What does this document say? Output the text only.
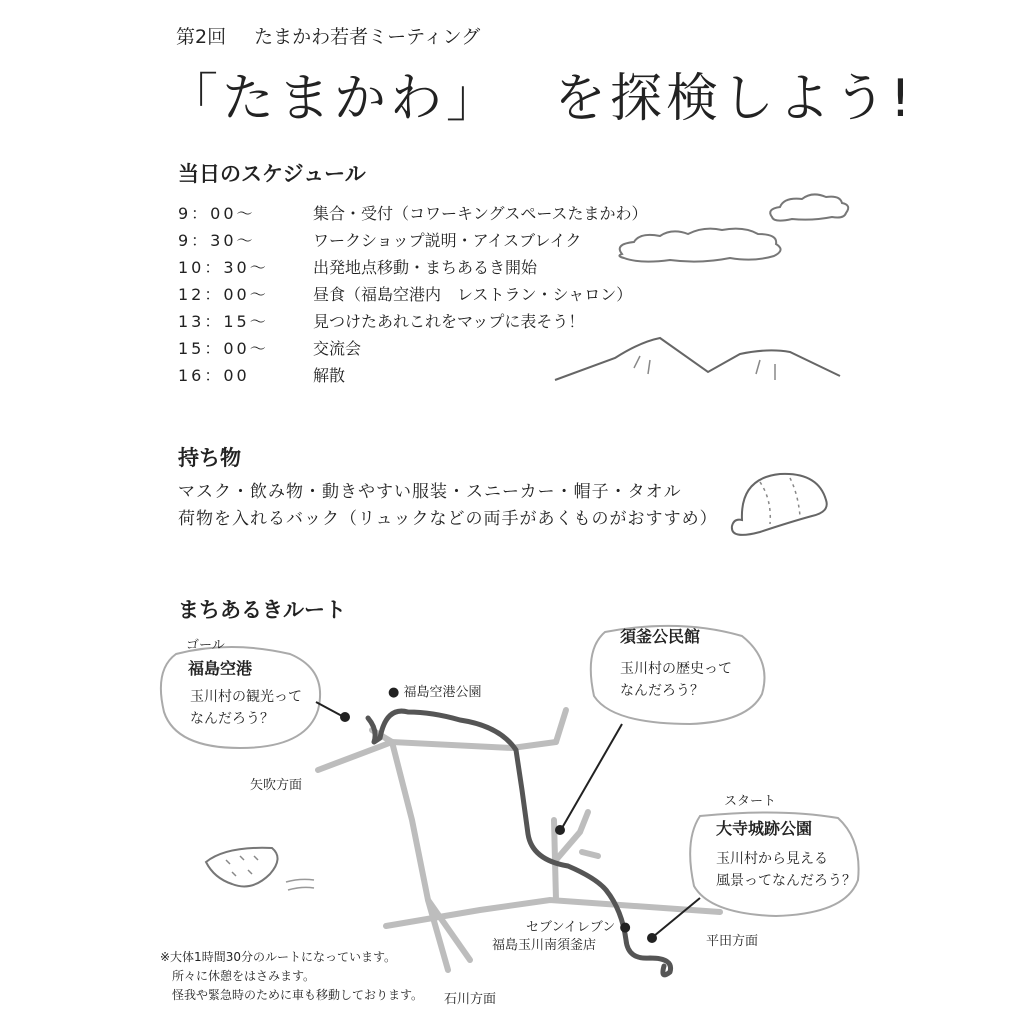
第2回 たまかわ若者ミーティング
「たまかわ」 を探検しよう!
当日のスケジュール
9：00～	集合・受付（コワーキングスペースたまかわ）
9：30～	ワークショップ説明・アイスブレイク
10：30～	出発地点移動・まちあるき開始
12：00～	昼食（福島空港内　レストラン・シャロン）
13：15～	見つけたあれこれをマップに表そう！
15：00～	交流会
16：00	解散
持ち物
マスク・飲み物・動きやすい服装・スニーカー・帽子・タオル
荷物を入れるバック（リュックなどの両手があくものがおすすめ）
まちあるきルート
ゴール
福島空港
玉川村の観光って
なんだろう？
● 福島空港公園
須釜公民館
玉川村の歴史って
なんだろう？
矢吹方面
スタート
大寺城跡公園
玉川村から見える
風景ってなんだろう？
セブンイレブン ●
福島玉川南須釜店	平田方面
石川方面
※大体1時間30分のルートになっています。
所々に休憩をはさみます。
怪我や緊急時のために車も移動しております。
